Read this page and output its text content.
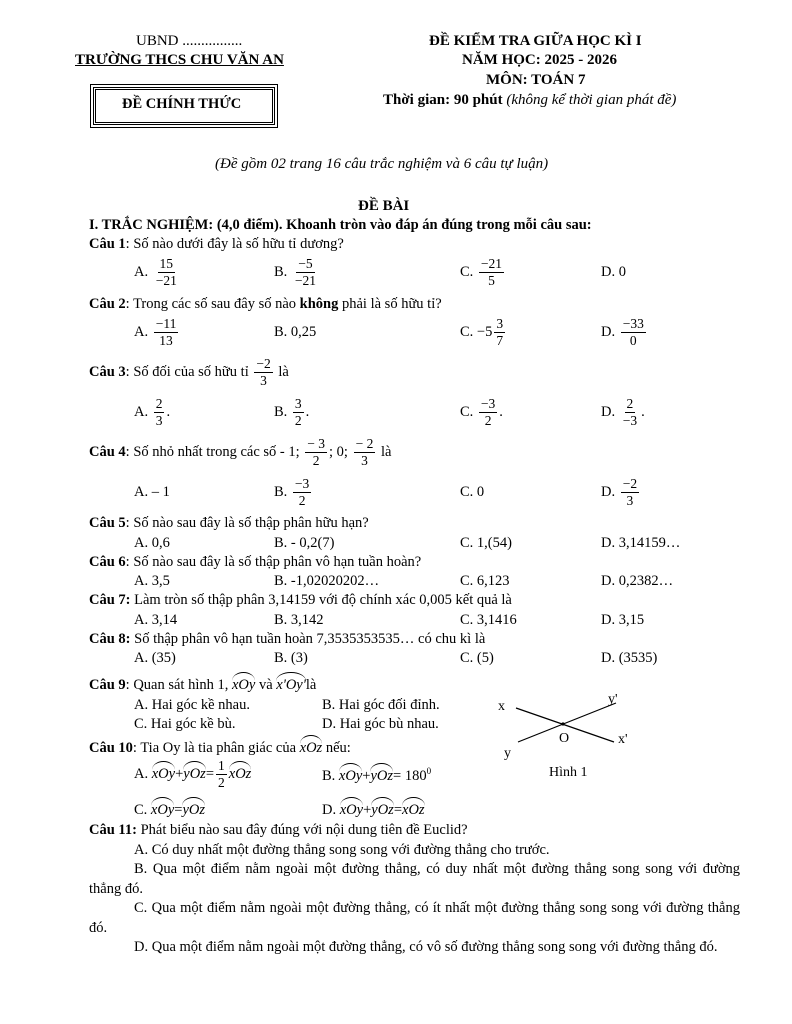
UBND ................
TRƯỜNG THCS CHU VĂN AN
ĐỀ CHÍNH THỨC
ĐỀ KIỂM TRA GIỮA HỌC KÌ I
NĂM HỌC: 2025 - 2026
MÔN: TOÁN 7
Thời gian: 90 phút (không kể thời gian phát đề)
(Đề gồm 02 trang 16 câu trắc nghiệm và 6 câu tự luận)
ĐỀ BÀI
I. TRẮC NGHIỆM: (4,0 điểm). Khoanh tròn vào đáp án đúng trong mỗi câu sau:
Câu 1: Số nào dưới đây là số hữu tỉ dương?
A. $\frac{15}{-21}$	B. $\frac{-5}{-21}$	C. $\frac{-21}{5}$	D. 0
Câu 2: Trong các số sau đây số nào không phải là số hữu tỉ?
A. $\frac{-11}{13}$	B. 0,25	C. $-5 \frac{3}{7}$	D. $\frac{-33}{0}$
Câu 3: Số đối của số hữu tỉ $\frac{-2}{3}$ là
A. $\frac{2}{3}$ .	B. $\frac{3}{2}$ .	C. $\frac{-3}{2}$ .	D. $\frac{2}{-3}$ .
Câu 4: Số nhỏ nhất trong các số - 1; $\frac{- 3}{2}$ ; 0; $\frac{- 2}{3}$ là
A. – 1	B. $\frac{-3}{2}$	C. 0	D. $\frac{-2}{3}$
Câu 5: Số nào sau đây là số thập phân hữu hạn?
A. 0,6	B. - 0,2(7)	C. 1,(54)	D. 3,14159…
Câu 6: Số nào sau đây là số thập phân vô hạn tuần hoàn?
A. 3,5	B. -1,02020202…	C. 6,123	D. 0,2382…
Câu 7: Làm tròn số thập phân 3,14159 với độ chính xác 0,005 kết quả là
A. 3,14	B. 3,142	C. 3,1416	D. 3,15
Câu 8: Số thập phân vô hạn tuần hoàn 7,3535353535… có chu kì là
A. (35)	B. (3)	C. (5)	D. (3535)
Câu 9: Quan sát hình 1, xOy và x'Oy'là
A. Hai góc kề nhau.	B. Hai góc đối đỉnh.
C. Hai góc kề bù.	D. Hai góc bù nhau.
Câu 10: Tia Oy là tia phân giác của xOz nếu:
A. $xOy+yOz= \frac{1}{2}$ xOz	B. $xOy+yOz= 180^0$
C. xOy=yOz	D. xOy+yOz=xOz
x	y'
O	x'
y
Hình 1
Câu 11: Phát biểu nào sau đây đúng với nội dung tiên đề Euclid?
A. Có duy nhất một đường thẳng song song với đường thẳng cho trước.
B. Qua một điểm nằm ngoài một đường thẳng, có duy nhất một đường thẳng song song với đường thẳng đó.
C. Qua một điểm nằm ngoài một đường thẳng, có ít nhất một đường thẳng song song với đường thẳng đó.
D. Qua một điểm nằm ngoài một đường thẳng, có vô số đường thẳng song song với đường thẳng đó.
